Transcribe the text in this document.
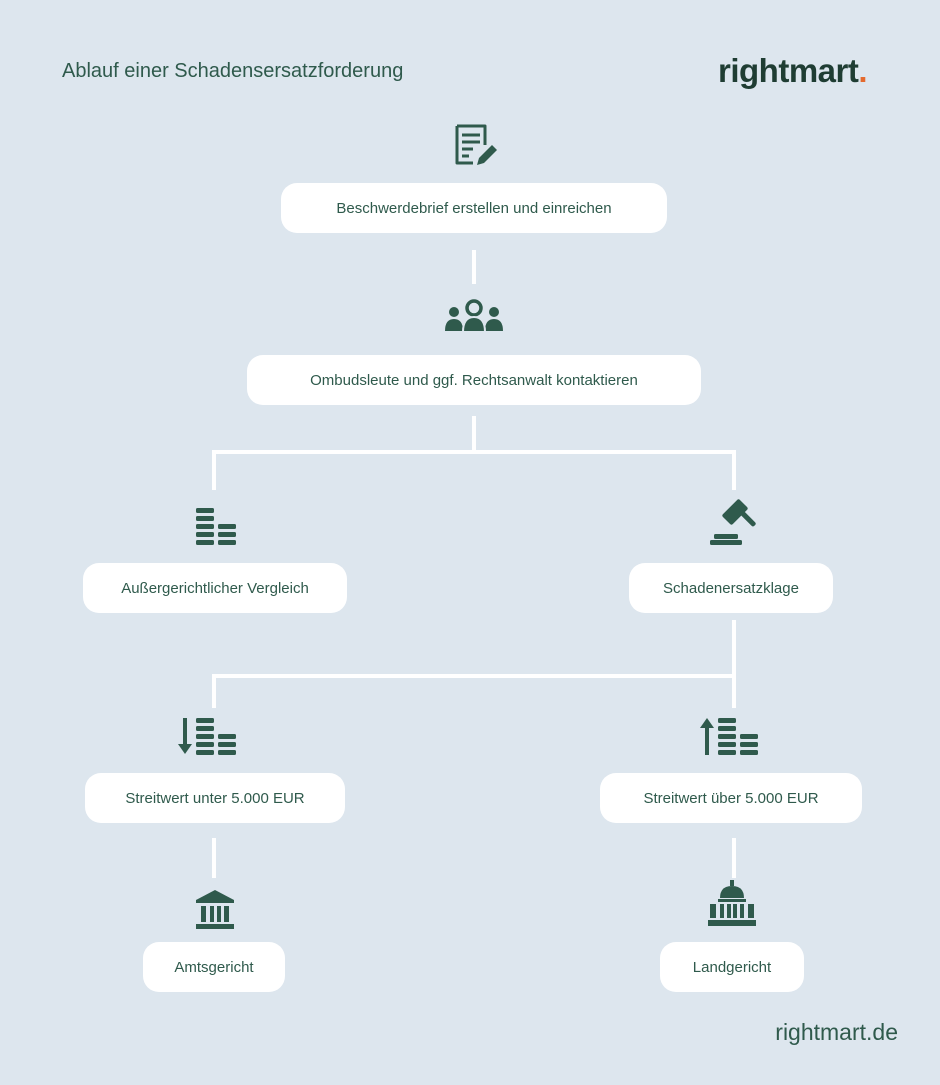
Ablauf einer Schadensersatzforderung	rightmart.
Beschwerdebrief erstellen und einreichen
Ombudsleute und ggf. Rechtsanwalt kontaktieren
Außergerichtlicher Vergleich	Schadenersatzklage
Streitwert unter 5.000 EUR	Streitwert über 5.000 EUR
Amtsgericht	Landgericht
rightmart.de
